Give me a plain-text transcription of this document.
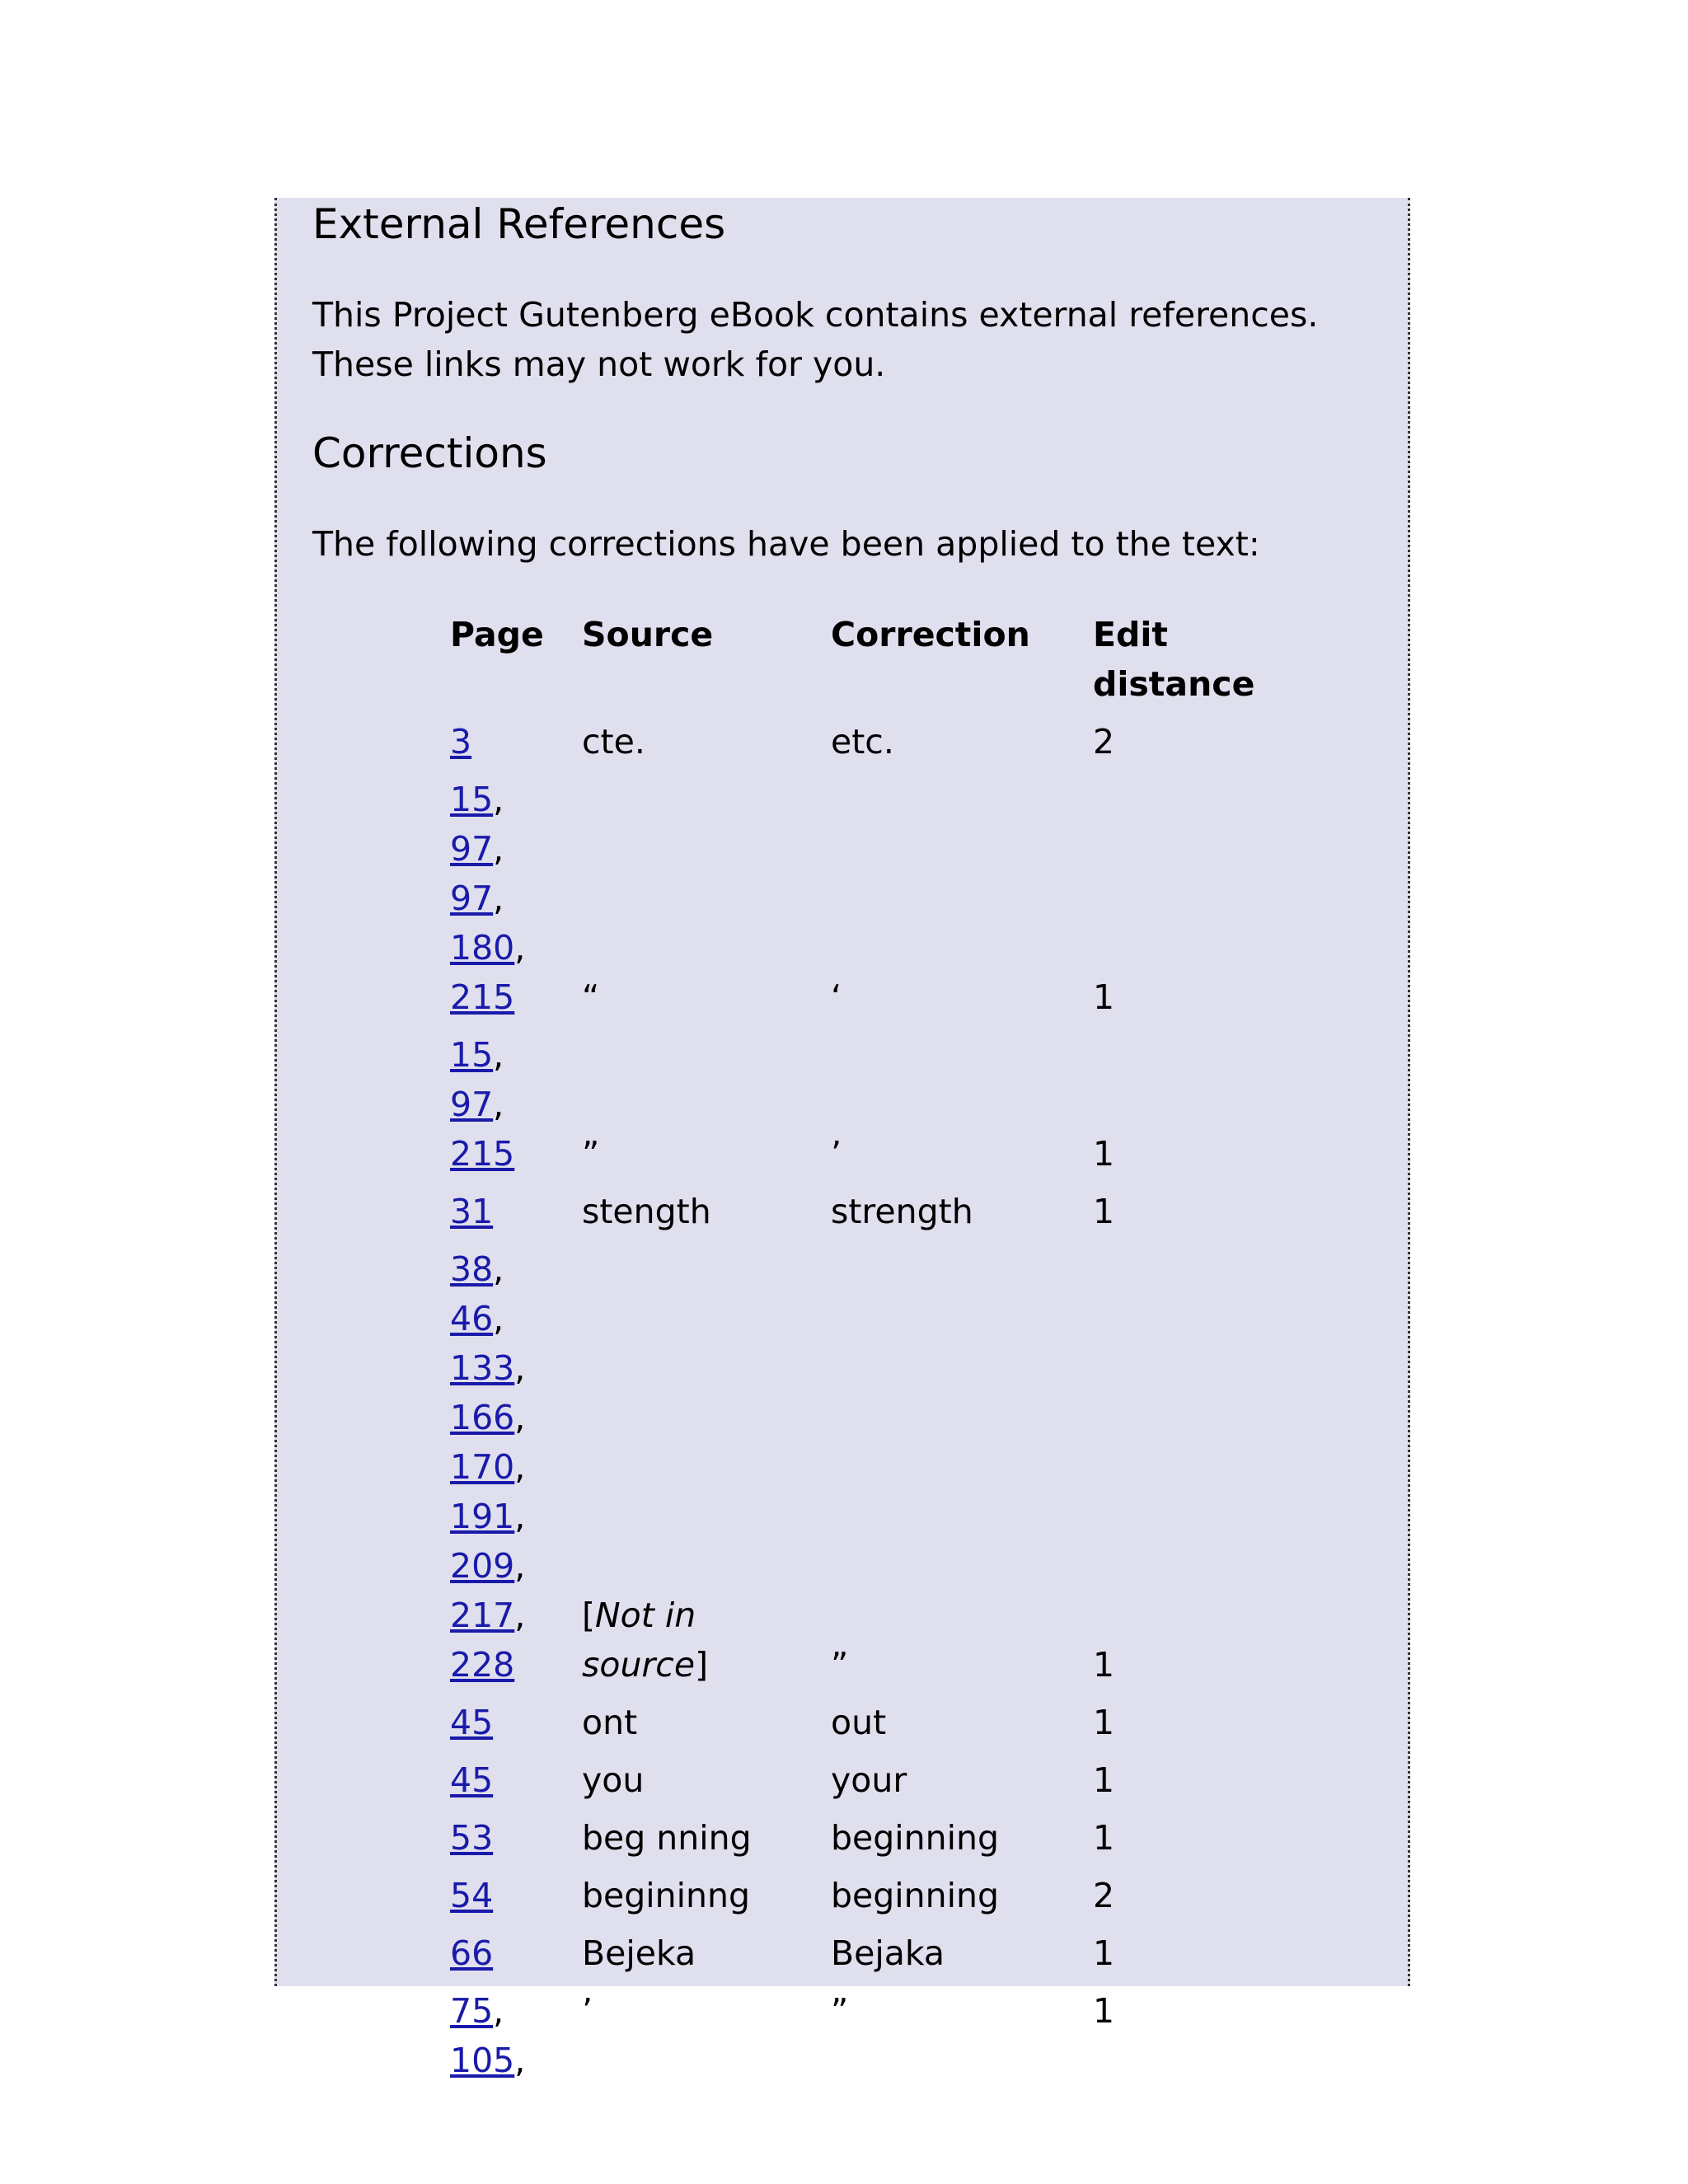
External References

This Project Gutenberg eBook contains external references. These links may not work for you.

Corrections

The following corrections have been applied to the text:

Page	Source	Correction	Edit distance

3	cte.	etc.	2

15, 97, 97, 180, 215	“	‘	1

15, 97, 215	”	’	1

31	stength	strength	1

38, 46, 133, 166, 170, 191, 209, 217, 228	[Not in source]	”	1

45	ont	out	1

45	you	your	1

53	beg nning	beginning	1

54	begininng	beginning	2

66	Bejeka	Bejaka	1

75, 105,	’	”	1
